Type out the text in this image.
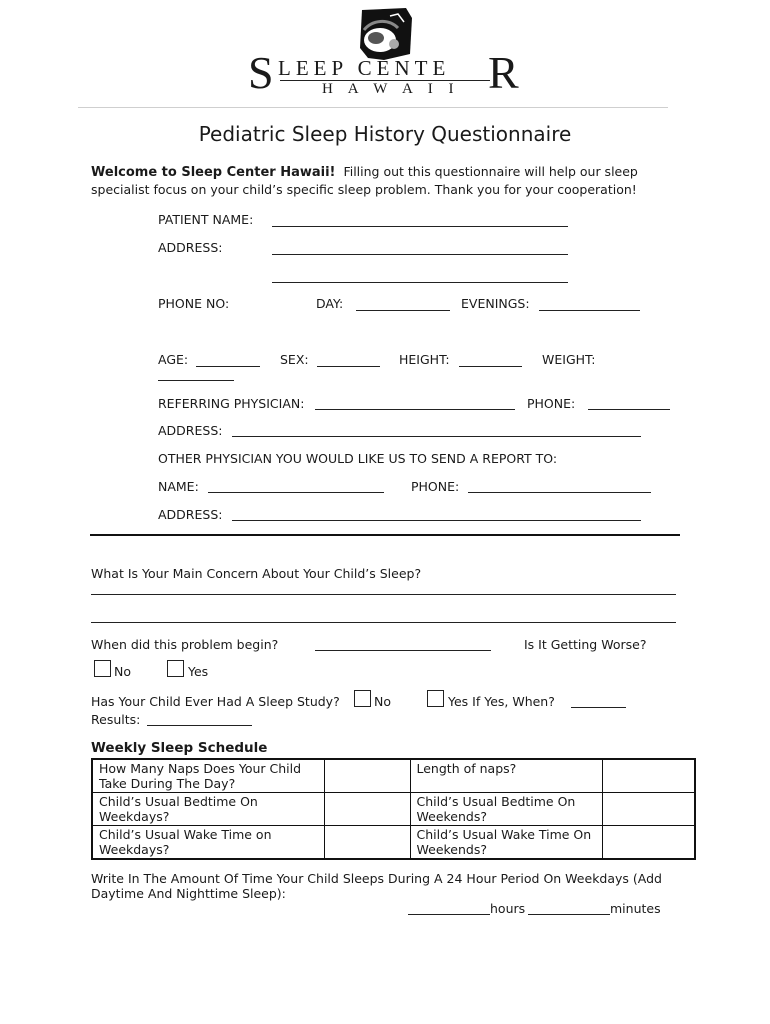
S LEEP CENTE R
H A W A I I
Pediatric Sleep History Questionnaire
Welcome to Sleep Center Hawaii! Filling out this questionnaire will help our sleep
specialist focus on your child’s specific sleep problem. Thank you for your cooperation!
PATIENT NAME:
ADDRESS:
PHONE NO:	DAY:	EVENINGS:
AGE:	SEX:	HEIGHT:	WEIGHT:
REFERRING PHYSICIAN:	PHONE:
ADDRESS:
OTHER PHYSICIAN YOU WOULD LIKE US TO SEND A REPORT TO:
NAME:	PHONE:
ADDRESS:
What Is Your Main Concern About Your Child’s Sleep?
When did this problem begin?	Is It Getting Worse?
No	Yes
Has Your Child Ever Had A Sleep Study?	No	Yes If Yes, When?
Results:
Weekly Sleep Schedule
How Many Naps Does Your Child Take During The Day?		Length of naps?	
Child’s Usual Bedtime On Weekdays?		Child’s Usual Bedtime On Weekends?	
Child’s Usual Wake Time on Weekdays?		Child’s Usual Wake Time On Weekends?	
Write In The Amount Of Time Your Child Sleeps During A 24 Hour Period On Weekdays (Add
Daytime And Nighttime Sleep):
hours	minutes
